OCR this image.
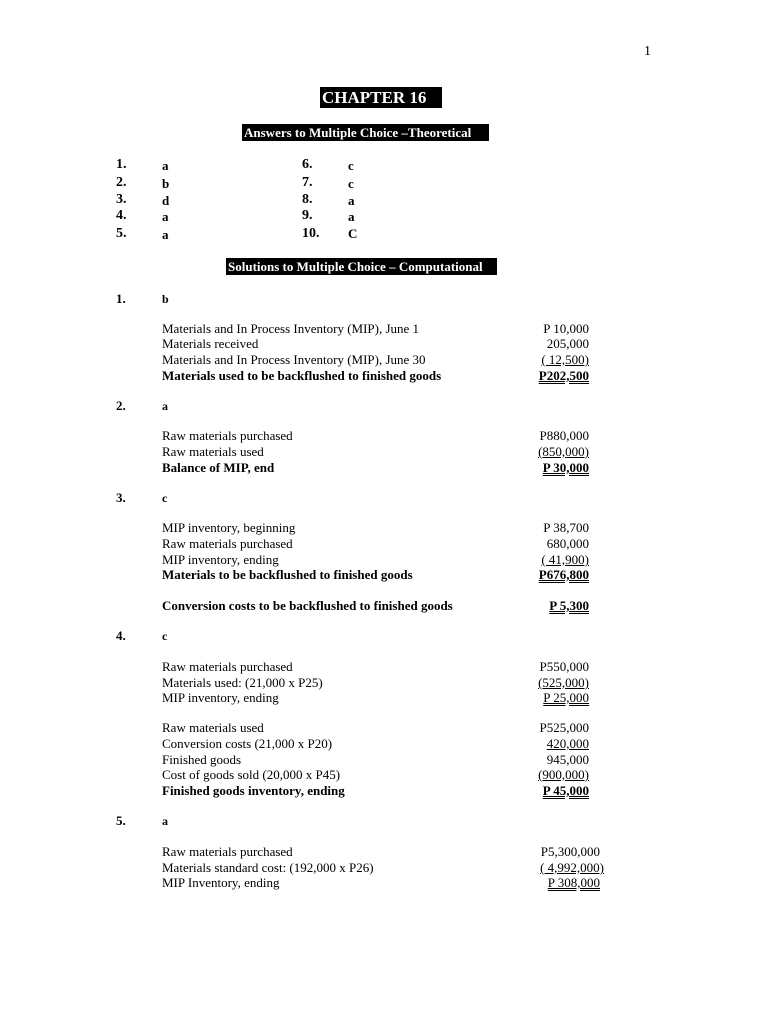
1
CHAPTER 16
Answers to Multiple Choice –Theoretical
1.	a
2.	b
3.	d
4.	a
5.	a
6.	c
7.	c
8.	a
9.	a
10. C
Solutions to Multiple Choice – Computational
1.	b
Materials and In Process Inventory (MIP), June 1	P 10,000
Materials received	205,000
Materials and In Process Inventory (MIP), June 30	( 12,500)
Materials used to be backflushed to finished goods	P202,500
2.	a
Raw materials purchased	P880,000
Raw materials used	(850,000)
Balance of MIP, end	P 30,000
3.	c
MIP inventory, beginning	P 38,700
Raw materials purchased	680,000
MIP inventory, ending	( 41,900)
Materials to be backflushed to finished goods	P676,800
Conversion costs to be backflushed to finished goods	P 5,300
4.	c
Raw materials purchased	P550,000
Materials used: (21,000 x P25)	(525,000)
MIP inventory, ending	P 25,000
Raw materials used	P525,000
Conversion costs (21,000 x P20)	420,000
Finished goods	945,000
Cost of goods sold (20,000 x P45)	(900,000)
Finished goods inventory, ending	P 45,000
5.	a
Raw materials purchased	P5,300,000
Materials standard cost: (192,000 x P26)	( 4,992,000)
MIP Inventory, ending	P 308,000
